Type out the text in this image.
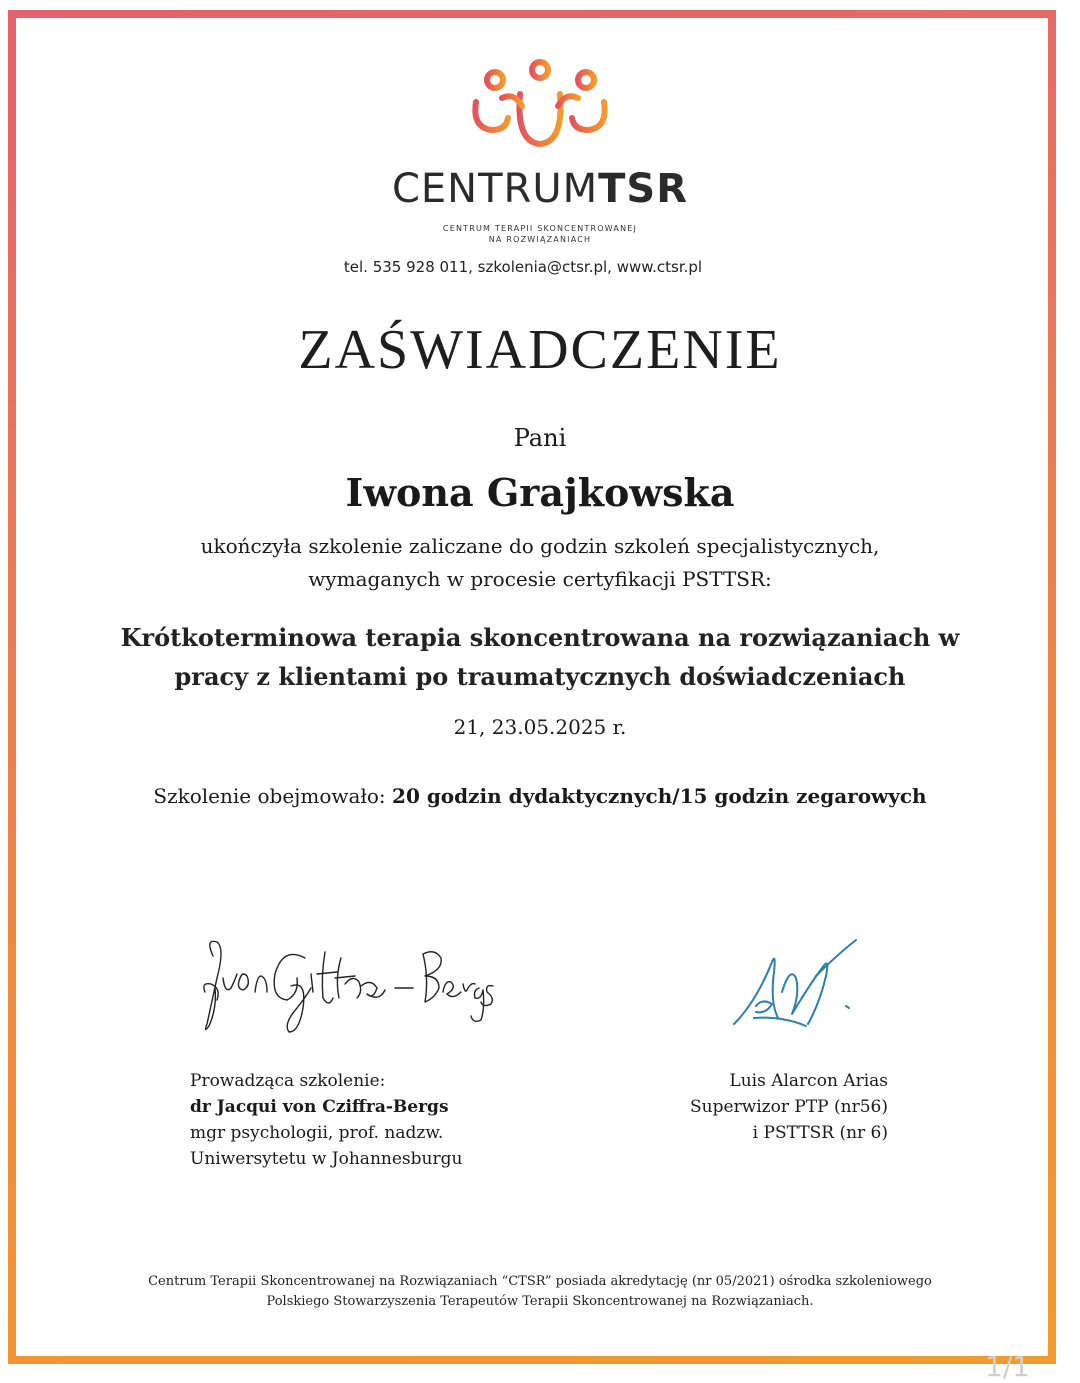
CENTRUMTSR
CENTRUM TERAPII SKONCENTROWANEJ
NA ROZWIĄZANIACH
tel. 535 928 011, szkolenia@ctsr.pl, www.ctsr.pl
ZAŚWIADCZENIE
Pani
Iwona Grajkowska
ukończyła szkolenie zaliczane do godzin szkoleń specjalistycznych,
wymaganych w procesie certyfikacji PSTTSR:
Krótkoterminowa terapia skoncentrowana na rozwiązaniach w
pracy z klientami po traumatycznych doświadczeniach
21, 23.05.2025 r.
Szkolenie obejmowało: 20 godzin dydaktycznych/15 godzin zegarowych
Prowadząca szkolenie:
dr Jacqui von Cziffra-Bergs
mgr psychologii, prof. nadzw.
Uniwersytetu w Johannesburgu
Luis Alarcon Arias
Superwizor PTP (nr56)
i PSTTSR (nr 6)
Centrum Terapii Skoncentrowanej na Rozwiązaniach “CTSR” posiada akredytację (nr 05/2021) ośrodka szkoleniowego
Polskiego Stowarzyszenia Terapeutów Terapii Skoncentrowanej na Rozwiązaniach.
1/1
